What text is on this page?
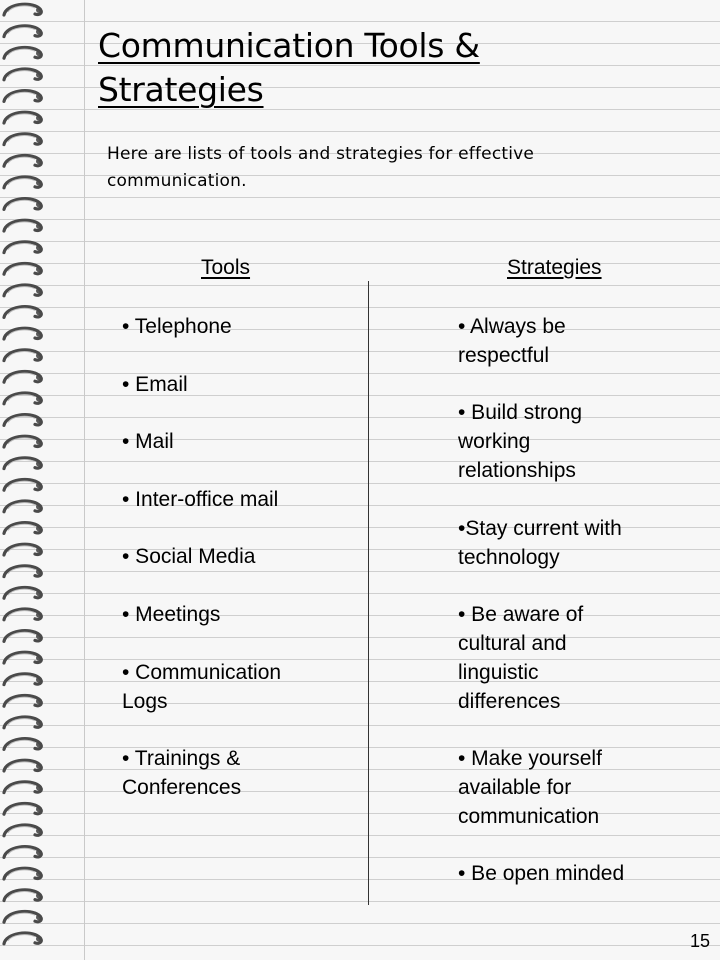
Communication Tools &
Strategies

Here are lists of tools and strategies for effective communication.

Tools	Strategies
• Telephone
• Email
• Mail
• Inter-office mail
• Social Media
• Meetings
• Communication
Logs
• Trainings &
Conferences
• Always be
respectful
• Build strong
working
relationships
•Stay current with
technology
• Be aware of
cultural and
linguistic
differences
• Make yourself
available for
communication
• Be open minded
15
